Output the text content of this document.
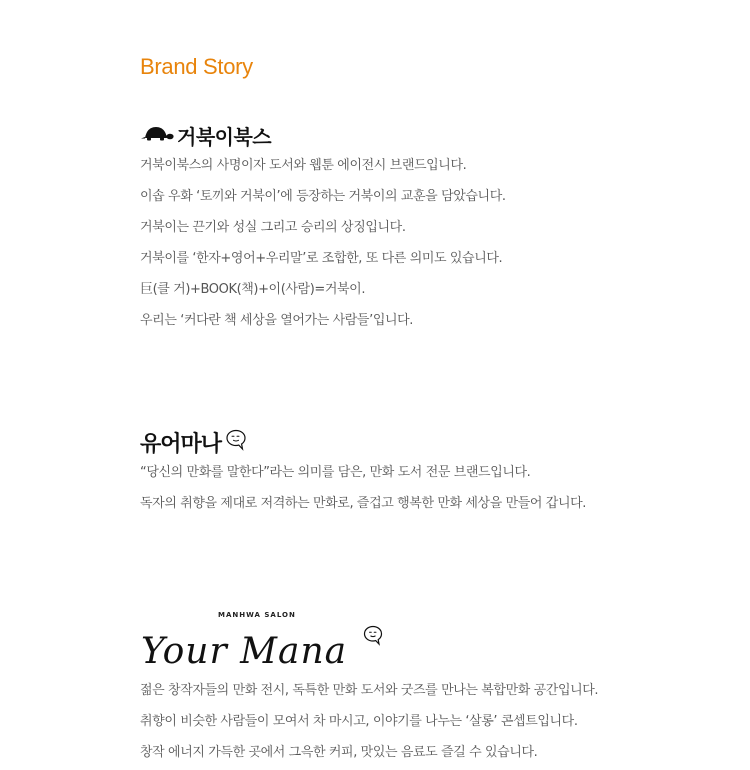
Brand Story
거북이북스

거북이북스의 사명이자 도서와 웹툰 에이전시 브랜드입니다.

이솝 우화 ‘토끼와 거북이’에 등장하는 거북이의 교훈을 담았습니다.

거북이는 끈기와 성실 그리고 승리의 상징입니다.

거북이를 ‘한자+영어+우리말’로 조합한, 또 다른 의미도 있습니다.

巨(클 거)+BOOK(책)+이(사람)=거북이.

우리는 ‘커다란 책 세상을 열어가는 사람들’입니다.

유어마나

“당신의 만화를 말한다”라는 의미를 담은, 만화 도서 전문 브랜드입니다.

독자의 취향을 제대로 저격하는 만화로, 즐겁고 행복한 만화 세상을 만들어 갑니다.

MANHWA SALON
Your Mana

젊은 창작자들의 만화 전시, 독특한 만화 도서와 굿즈를 만나는 복합만화 공간입니다.

취향이 비슷한 사람들이 모여서 차 마시고, 이야기를 나누는 ‘살롱’ 콘셉트입니다.

창작 에너지 가득한 곳에서 그윽한 커피, 맛있는 음료도 즐길 수 있습니다.
